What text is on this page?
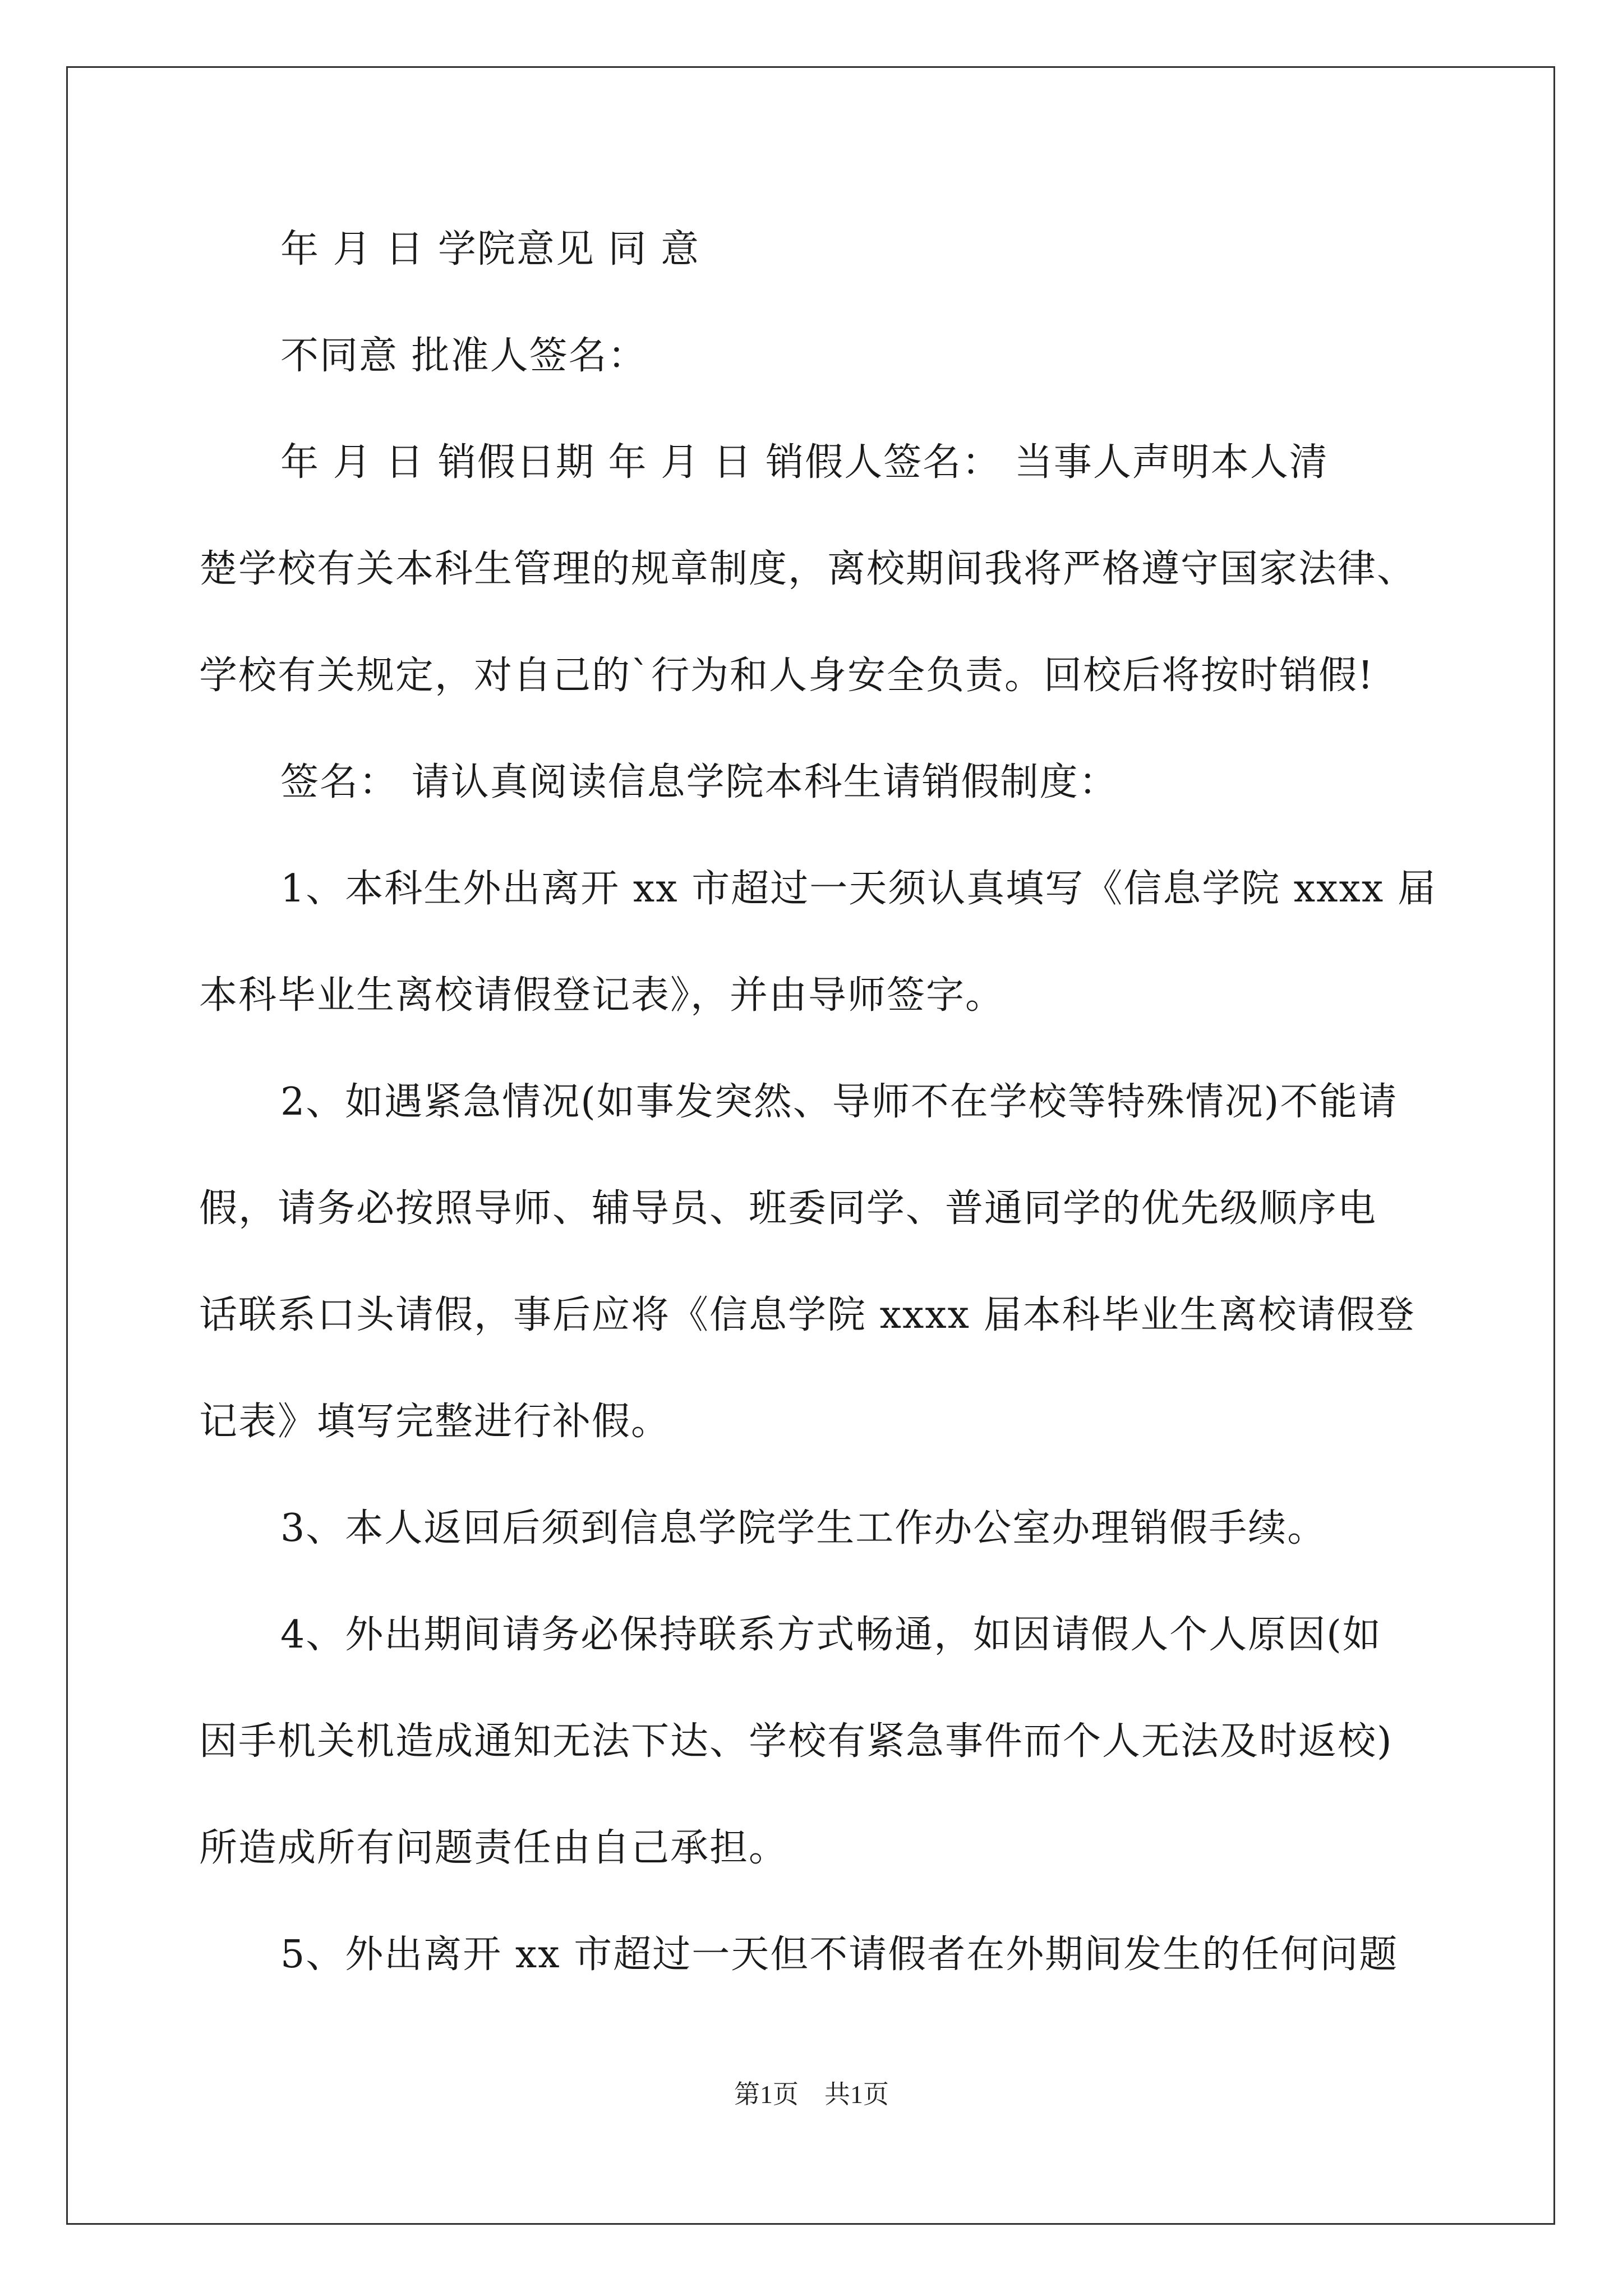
年 月 日 学院意见 同 意
不同意 批准人签名：
年 月 日 销假日期 年 月 日 销假人签名： 当事人声明本人清
楚学校有关本科生管理的规章制度，离校期间我将严格遵守国家法律、
学校有关规定，对自己的`行为和人身安全负责。回校后将按时销假!
签名： 请认真阅读信息学院本科生请销假制度：
1、本科生外出离开 xx 市超过一天须认真填写《信息学院 xxxx 届
本科毕业生离校请假登记表》，并由导师签字。
2、如遇紧急情况(如事发突然、导师不在学校等特殊情况)不能请
假，请务必按照导师、辅导员、班委同学、普通同学的优先级顺序电
话联系口头请假，事后应将《信息学院 xxxx 届本科毕业生离校请假登
记表》填写完整进行补假。
3、本人返回后须到信息学院学生工作办公室办理销假手续。
4、外出期间请务必保持联系方式畅通，如因请假人个人原因(如
因手机关机造成通知无法下达、学校有紧急事件而个人无法及时返校)
所造成所有问题责任由自己承担。
5、外出离开 xx 市超过一天但不请假者在外期间发生的任何问题
第1页　共1页
